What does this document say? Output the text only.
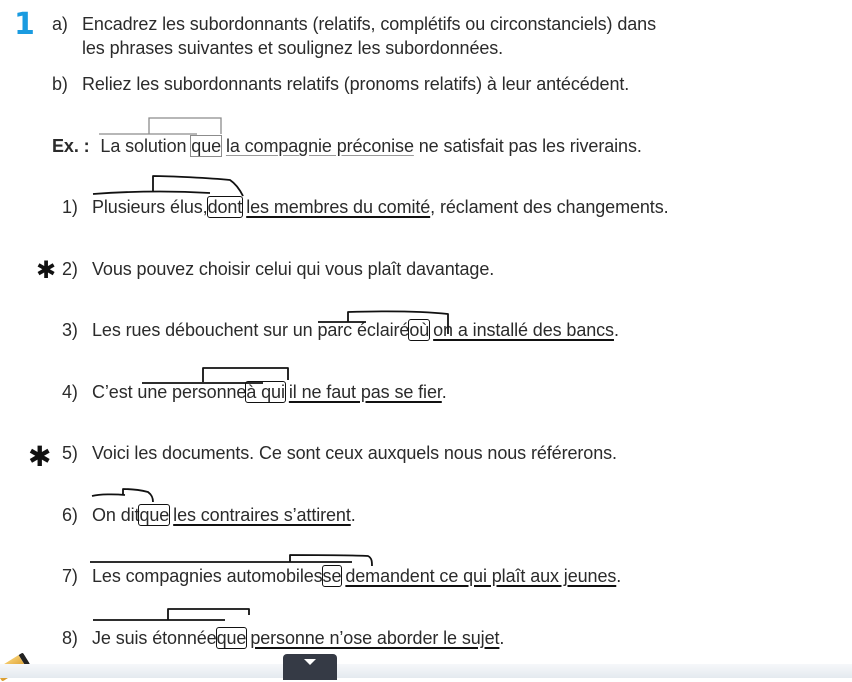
1 a) Encadrez les subordonnants (relatifs, complétifs ou circonstanciels) dans
les phrases suivantes et soulignez les subordonnées.
b) Reliez les subordonnants relatifs (pronoms relatifs) à leur antécédent.
Ex. : La solution que la compagnie préconise ne satisfait pas les riverains.
1) Plusieurs élus,dont les membres du comité, réclament des changements.
✱ 2) Vous pouvez choisir celui qui vous plaît davantage.
3) Les rues débouchent sur un parc éclairéoù on a installé des bancs.
4) C’est une personneà qui il ne faut pas se fier.
✱ 5) Voici les documents. Ce sont ceux auxquels nous nous référerons.
6) On ditque les contraires s’attirent.
7) Les compagnies automobilesse demandent ce qui plaît aux jeunes.
8) Je suis étonnéeque personne n’ose aborder le sujet.
